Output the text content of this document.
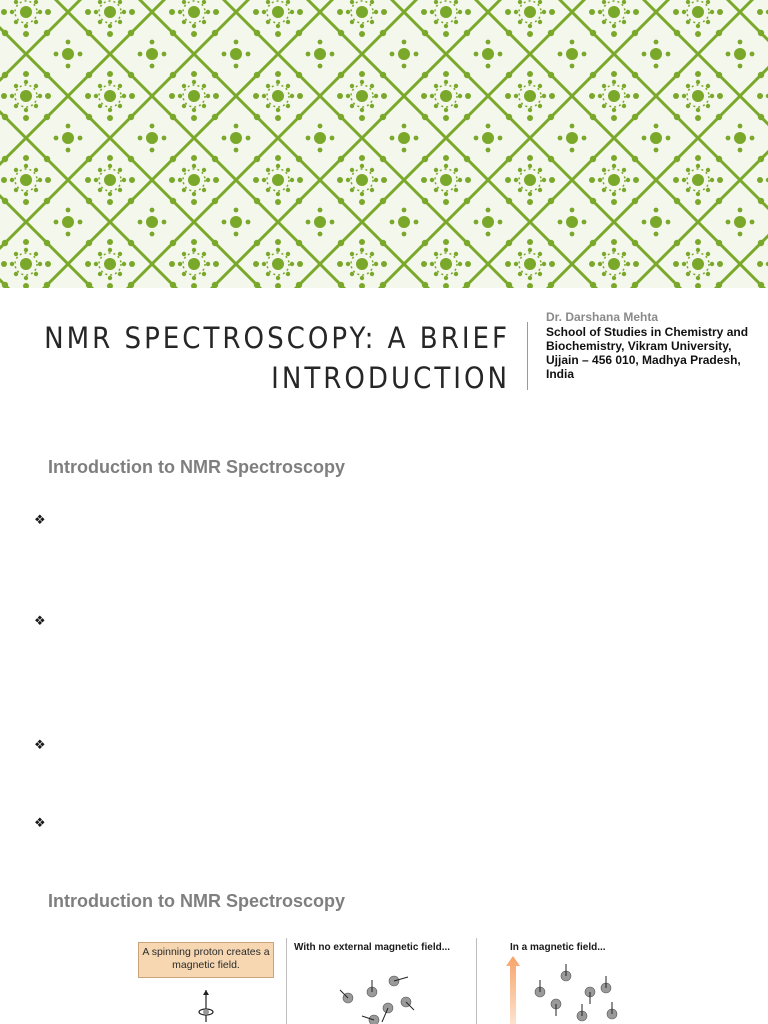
NMR SPECTROSCOPY: A BRIEF
INTRODUCTION
Dr. Darshana Mehta
School of Studies in Chemistry and Biochemistry, Vikram University, Ujjain – 456 010, Madhya Pradesh, India
Introduction to NMR Spectroscopy
❖
❖
❖
❖
Introduction to NMR Spectroscopy
A spinning proton creates a magnetic field.
With no external magnetic field...	In a magnetic field...
